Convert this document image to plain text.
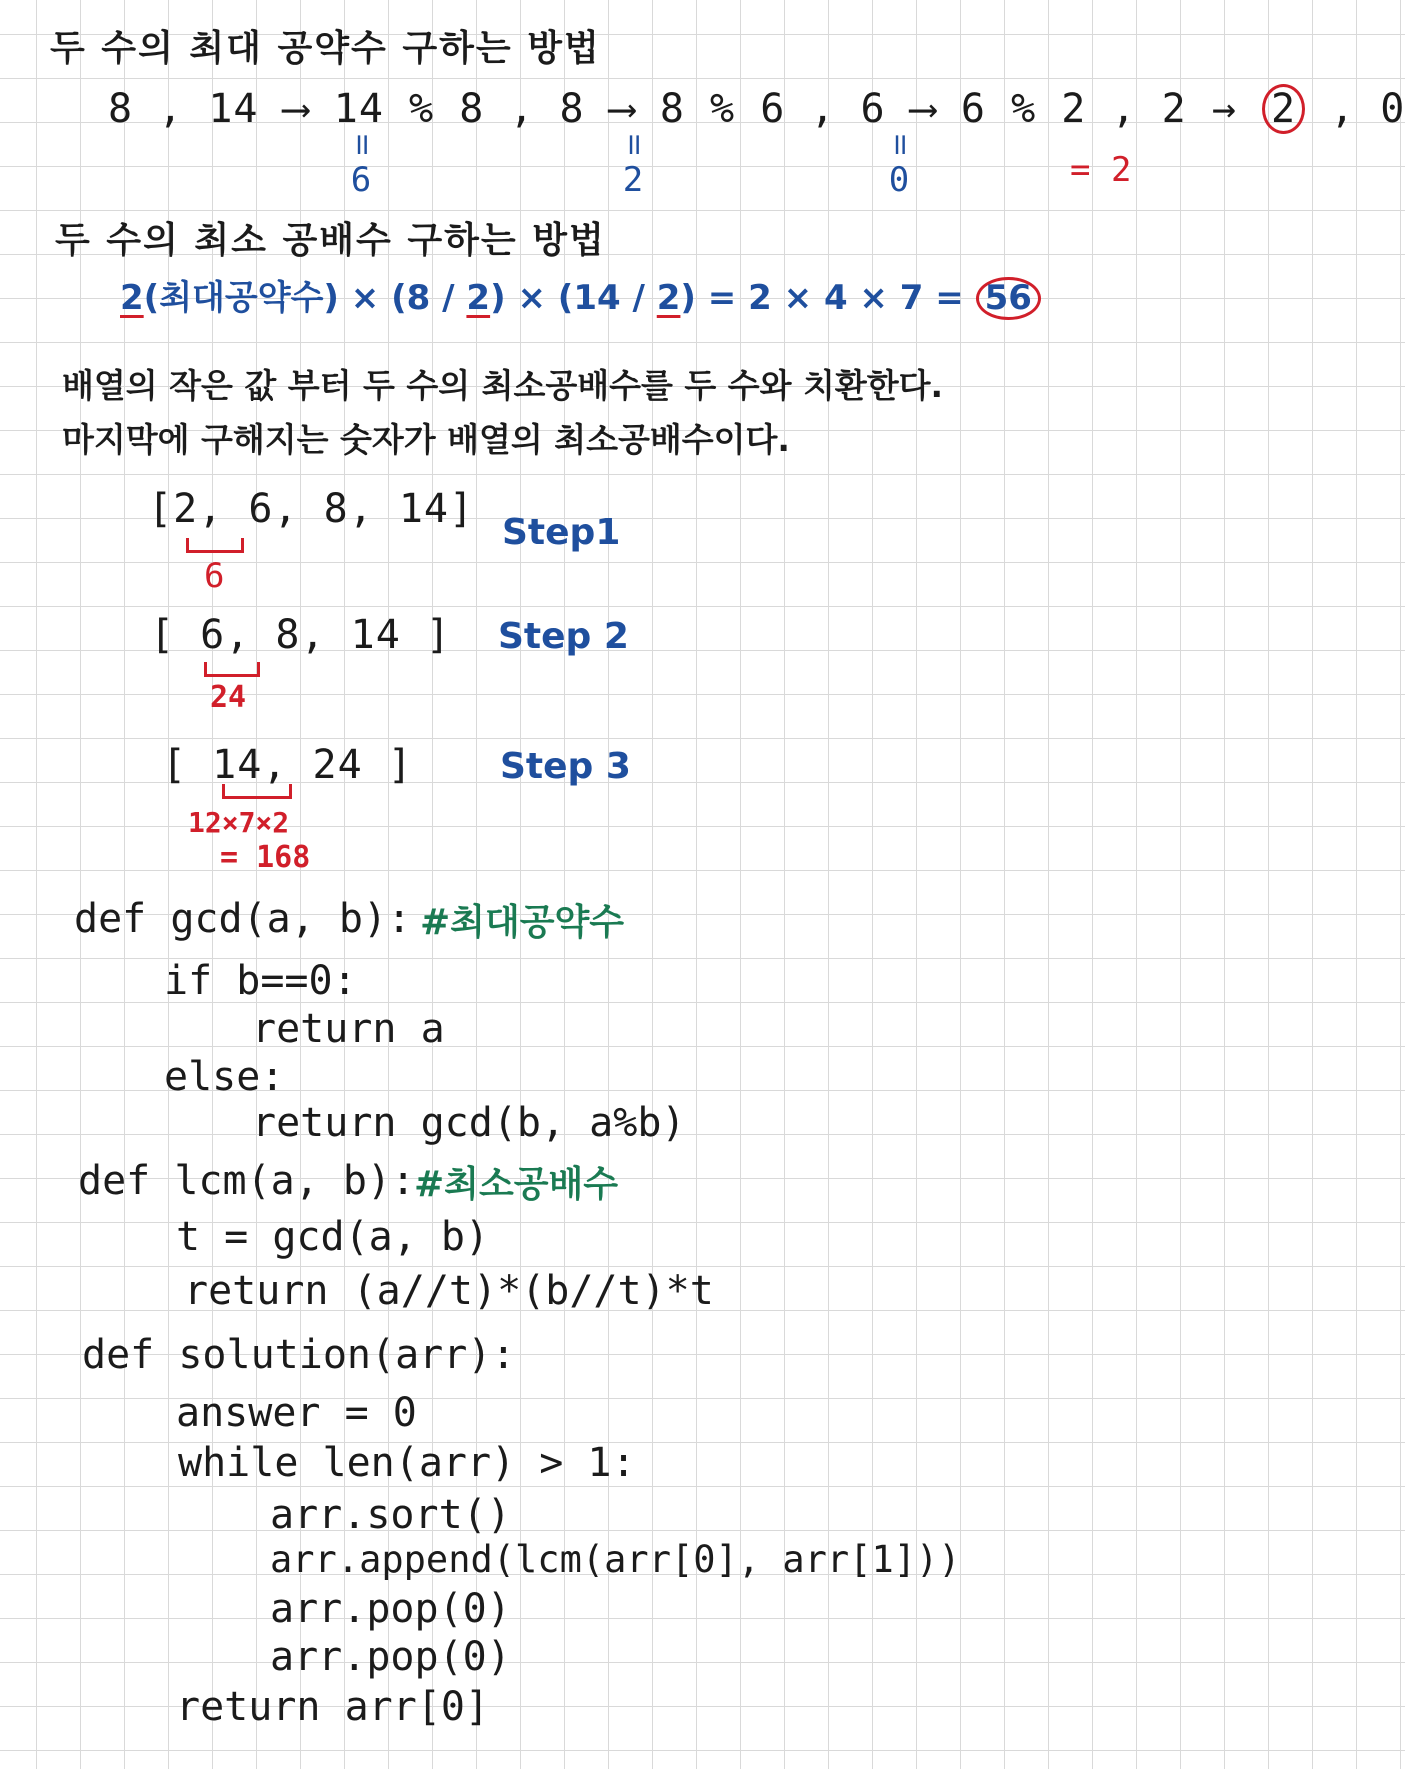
두 수의 최대 공약수 구하는 방법
8 , 14 ⟶ 14 % 8 , 8 ⟶ 8 % 6 , 6 ⟶ 6 % 2 , 2 → 2 , 0
॥
6
॥
2
॥
0	= 2
두 수의 최소 공배수 구하는 방법
2(최대공약수) × (8 / 2) × (14 / 2) = 2 × 4 × 7 = 56
배열의 작은 값 부터 두 수의 최소공배수를 두 수와 치환한다.
마지막에 구해지는 숫자가 배열의 최소공배수이다.
[2, 6, 8, 14]
6
Step1
[ 6, 8, 14 ]
24
Step 2
[ 14, 24 ]
12×7×2
= 168
Step 3
def gcd(a, b): #최대공약수
if b==0:
return a
else:
return gcd(b, a%b)
def lcm(a, b):
#최소공배수
t = gcd(a, b)
return (a//t)*(b//t)*t
def solution(arr):
answer = 0
while len(arr) > 1:
arr.sort()
arr.append(lcm(arr[0], arr[1]))
arr.pop(0)
arr.pop(0)
return arr[0]
